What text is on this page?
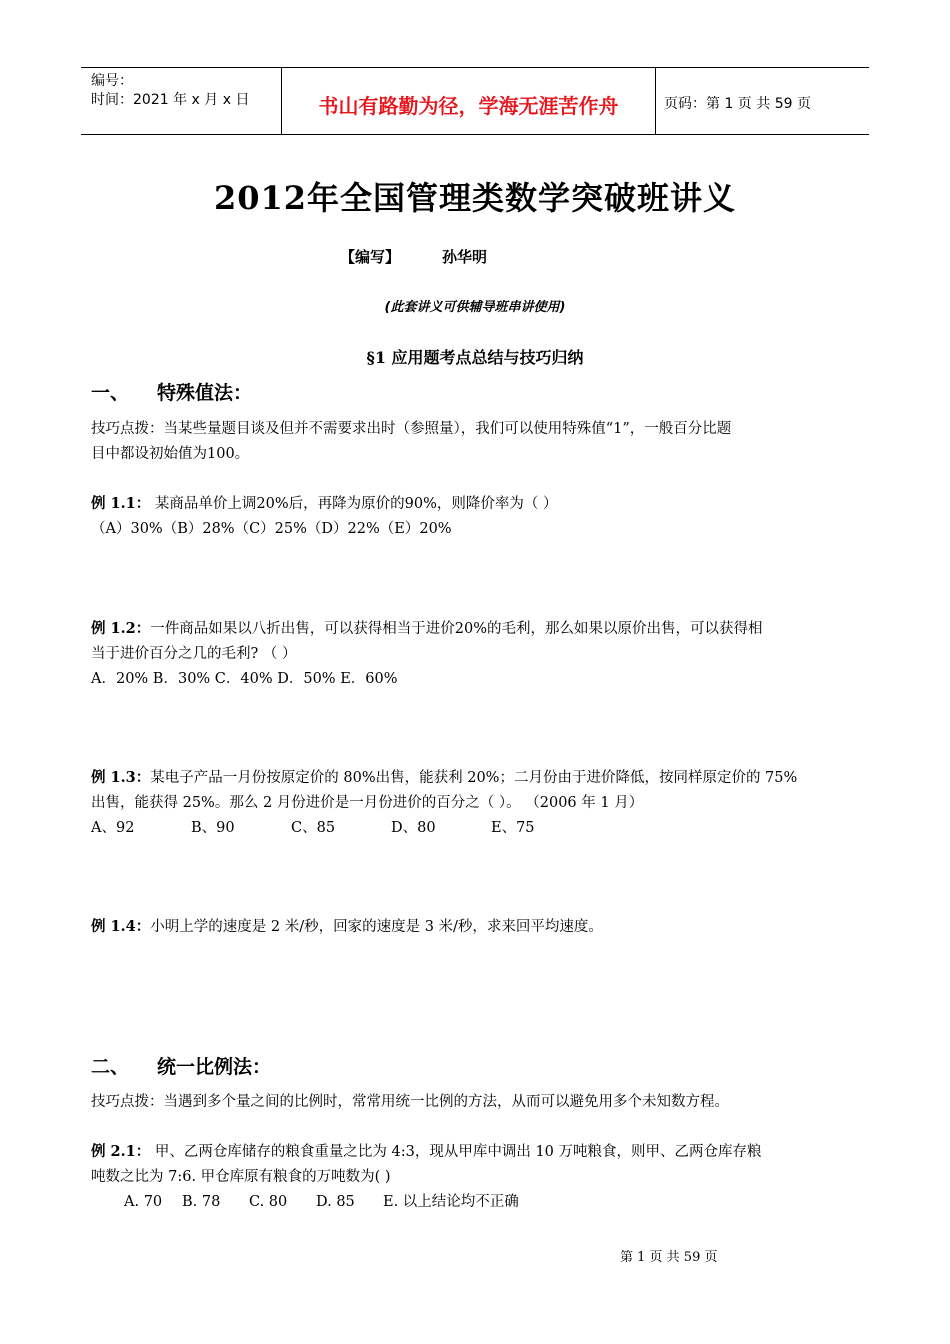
编号：
时间：2021 年 x 月 x 日	书山有路勤为径，学海无涯苦作舟	页码：第 1 页 共 59 页
2012年全国管理类数学突破班讲义
【编写】	孙华明
(此套讲义可供辅导班串讲使用)
§1 应用题考点总结与技巧归纳
一、 特殊值法：
技巧点拨：当某些量题目谈及但并不需要求出时（参照量），我们可以使用特殊值“1”，一般百分比题
目中都设初始值为100。
例 1.1： 某商品单价上调20%后，再降为原价的90%，则降价率为（ ）
（A）30%（B）28%（C）25%（D）22%（E）20%
例 1.2：一件商品如果以八折出售，可以获得相当于进价20%的毛利，那么如果以原价出售，可以获得相
当于进价百分之几的毛利? （ ）
A．20% B．30% C．40% D．50% E．60%
例 1.3：某电子产品一月份按原定价的 80%出售，能获利 20%；二月份由于进价降低，按同样原定价的 75%
出售，能获得 25%。那么 2 月份进价是一月份进价的百分之（ ）。 （2006 年 1 月）
A、92	B、90	C、85	D、80	E、75
例 1.4：小明上学的速度是 2 米/秒，回家的速度是 3 米/秒，求来回平均速度。
二、 统一比例法：
技巧点拨：当遇到多个量之间的比例时，常常用统一比例的方法，从而可以避免用多个未知数方程。
例 2.1： 甲、乙两仓库储存的粮食重量之比为 4:3，现从甲库中调出 10 万吨粮食，则甲、乙两仓库存粮
吨数之比为 7:6. 甲仓库原有粮食的万吨数为( )
A. 70 B. 78 C. 80 D. 85 E. 以上结论均不正确
第 1 页 共 59 页
